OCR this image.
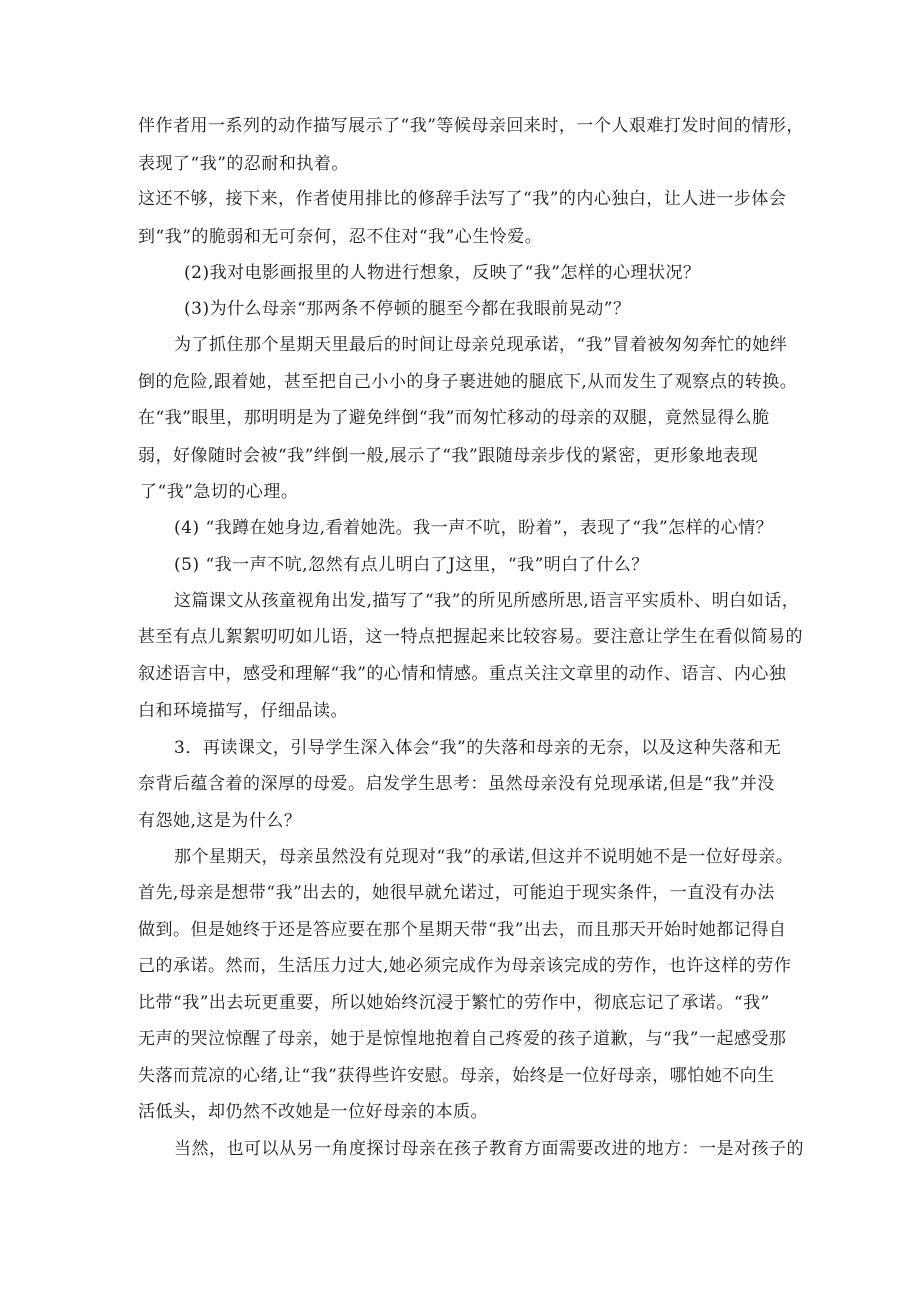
伴作者用一系列的动作描写展示了“我”等候母亲回来时，一个人艰难打发时间的情形，
表现了“我”的忍耐和执着。
这还不够，接下来，作者使用排比的修辞手法写了“我”的内心独白，让人进一步体会
到“我”的脆弱和无可奈何，忍不住对“我”心生怜爱。
(2)我对电影画报里的人物进行想象，反映了“我”怎样的心理状况？
(3)为什么母亲“那两条不停顿的腿至今都在我眼前晃动”？
为了抓住那个星期天里最后的时间让母亲兑现承诺，“我”冒着被匆匆奔忙的她绊
倒的危险,跟着她，甚至把自己小小的身子裹进她的腿底下,从而发生了观察点的转换。
在“我”眼里，那明明是为了避免绊倒“我”而匆忙移动的母亲的双腿，竟然显得么脆
弱，好像随时会被“我”绊倒一般,展示了“我”跟随母亲步伐的紧密，更形象地表现
了“我”急切的心理。
(4) “我蹲在她身边,看着她洗。我一声不吭，盼着”，表现了“我”怎样的心情？
(5) “我一声不吭,忽然有点儿明白了J这里，“我”明白了什么？
这篇课文从孩童视角出发,描写了“我”的所见所感所思,语言平实质朴、明白如话，
甚至有点儿絮絮叨叨如儿语，这一特点把握起来比较容易。要注意让学生在看似简易的
叙述语言中，感受和理解“我”的心情和情感。重点关注文章里的动作、语言、内心独
白和环境描写，仔细品读。
3．再读课文，引导学生深入体会“我”的失落和母亲的无奈，以及这种失落和无
奈背后蕴含着的深厚的母爱。启发学生思考：虽然母亲没有兑现承诺,但是“我”并没
有怨她,这是为什么？
那个星期天，母亲虽然没有兑现对“我”的承诺,但这并不说明她不是一位好母亲。
首先,母亲是想带“我”出去的，她很早就允诺过，可能迫于现实条件，一直没有办法
做到。但是她终于还是答应要在那个星期天带“我”出去，而且那天开始时她都记得自
己的承诺。然而，生活压力过大,她必须完成作为母亲该完成的劳作，也许这样的劳作
比带“我”出去玩更重要，所以她始终沉浸于繁忙的劳作中，彻底忘记了承诺。“我”
无声的哭泣惊醒了母亲，她于是惊惶地抱着自己疼爱的孩子道歉，与“我”一起感受那
失落而荒凉的心绪,让“我”获得些许安慰。母亲，始终是一位好母亲，哪怕她不向生
活低头，却仍然不改她是一位好母亲的本质。
当然，也可以从另一角度探讨母亲在孩子教育方面需要改进的地方：一是对孩子的
